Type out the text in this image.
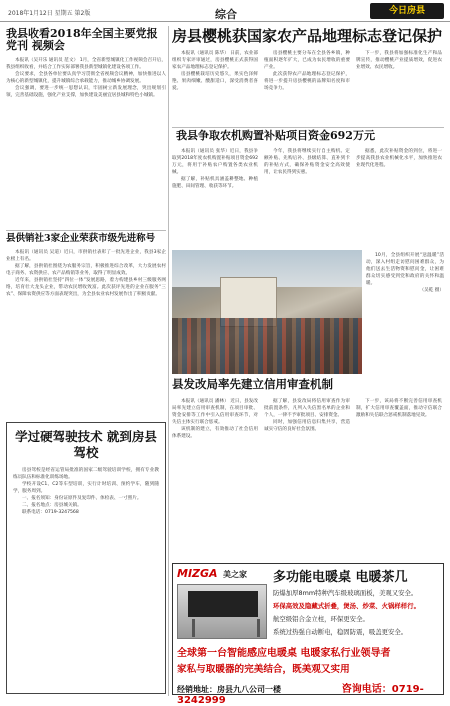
2018年1月12日 星期五 第2版	综合	今日房县
我县收看2018年全国主要党报党刊 视频会

本报讯（吴开乐 通讯员 范文） 1月，全省新型城镇化工作视频会召开后，我县组织收看，并结合工作实际部署我县新型城镇化建设各项工作。

会议要求，全县各单位要认真学习贯彻全省视频会议精神，加快推进以人为核心的新型城镇化，提升城镇综合承载能力，推动城乡协调发展。

会议强调，要进一步统一思想认识，牢固树立新发展理念，突出规划引领，完善基础设施，强化产业支撑，加快建设美丽宜居县城和特色小城镇。

县供销社3家企业荣获市级先进称号

本报讯（通讯员 吴道）近日，市供销社表彰了一批先进企业，我县3家企业榜上有名。

据了解，县供销社围绕为农服务宗旨，积极推进综合改革，大力发展农村电子商务、农资供应、农产品购销等业务，取得了明显成效。

近年来，县供销社坚持“四位一体”发展思路，着力构建县乡村三级服务网络，培育壮大龙头企业，带动农民增收致富。此次获评先进的企业在服务“三农”、保障农资供应等方面表现突出，为全县农业农村发展作出了积极贡献。

学过硬驾驶技术 就到房县驾校

房县驾校是经省运管局批准的国家二级驾驶培训学校，拥有专业教练员队伍和标准化训练场地。

学校开设C1、C2等车型培训，实行计时培训、预约学车，随到随学，服务周到。

一、报名须知：身份证原件及复印件、体检表、一寸照片。

二、报名地点：房县城关镇。

联系电话：0719-3247568

房县樱桃获国家农产品地理标志登记保护

本报讯（通讯员 陈华） 日前，农业部组织专家评审通过，房县樱桃正式获得国家农产品地理标志登记保护。

房县樱桃栽培历史悠久，果实色泽鲜艳、果肉细嫩、酸甜适口，深受消费者喜爱。

房县樱桃主要分布在全县各乡镇，种植面积逐年扩大，已成为农民增收的重要产业。

此次获得农产品地理标志登记保护，将进一步提升房县樱桃的品牌知名度和市场竞争力。

下一步，我县将加强标准化生产和品牌宣传，推动樱桃产业提质增效，促进农业增效、农民增收。

我县争取农机购置补贴项目资金692万元

本报讯（通讯员 张华）近日，我县争取到2018年度农机购置补贴项目资金692万元，将用于补贴农户购置各类农业机械。

据了解，补贴机具涵盖耕整地、种植施肥、田间管理、收获等环节。

今年，我县将继续实行自主购机、定额补贴、先购后补、县级结算、直补到卡的补贴方式，确保补贴资金安全高效使用，让农民得到实惠。

据悉，此次补贴资金的到位，将进一步提高我县农业机械化水平，加快推进农业现代化进程。

10月，全县组织开展“送温暖”活动，深入村组走访慰问困难群众，为他们送去生活物资和慰问金，让困难群众切实感受到党和政府的关怀和温暖。

（吴乾 摄）

县发改局率先建立信用审查机制

本报讯（通讯员 潘林） 近日，县发改局率先建立信用审查机制，在项目审批、资金安排等工作中引入信用审查环节，对失信主体实行联合惩戒。

该机制的建立，有效推动了社会信用体系建设。

据了解，县发改局将信用审查作为审批前置条件，凡列入失信黑名单的企业和个人，一律不予审批项目、安排资金。

同时，加强信用信息归集共享，营造诚实守信的良好社会氛围。

下一步，该局将不断完善信用审查机制，扩大信用审查覆盖面，推动守信联合激励和失信联合惩戒机制落地见效。

MIZGA 美之家 多功能电暖桌 电暖茶几
防爆加厚8mm特种汽车级玻璃面板，美观又安全。
环保高效及隐藏式折叠，煲汤、炒菜、火锅样样行。
航空级铝合金立柱，环保更安全。
系统过热强自动断电，稳固防震，吸盖更安全。
全球第一台智能感应电暖桌 电暖家私行业领导者
家私与取暖器的完美结合，既美观又实用
经销地址：房县九八公司一楼	咨询电话：0719-3242999
